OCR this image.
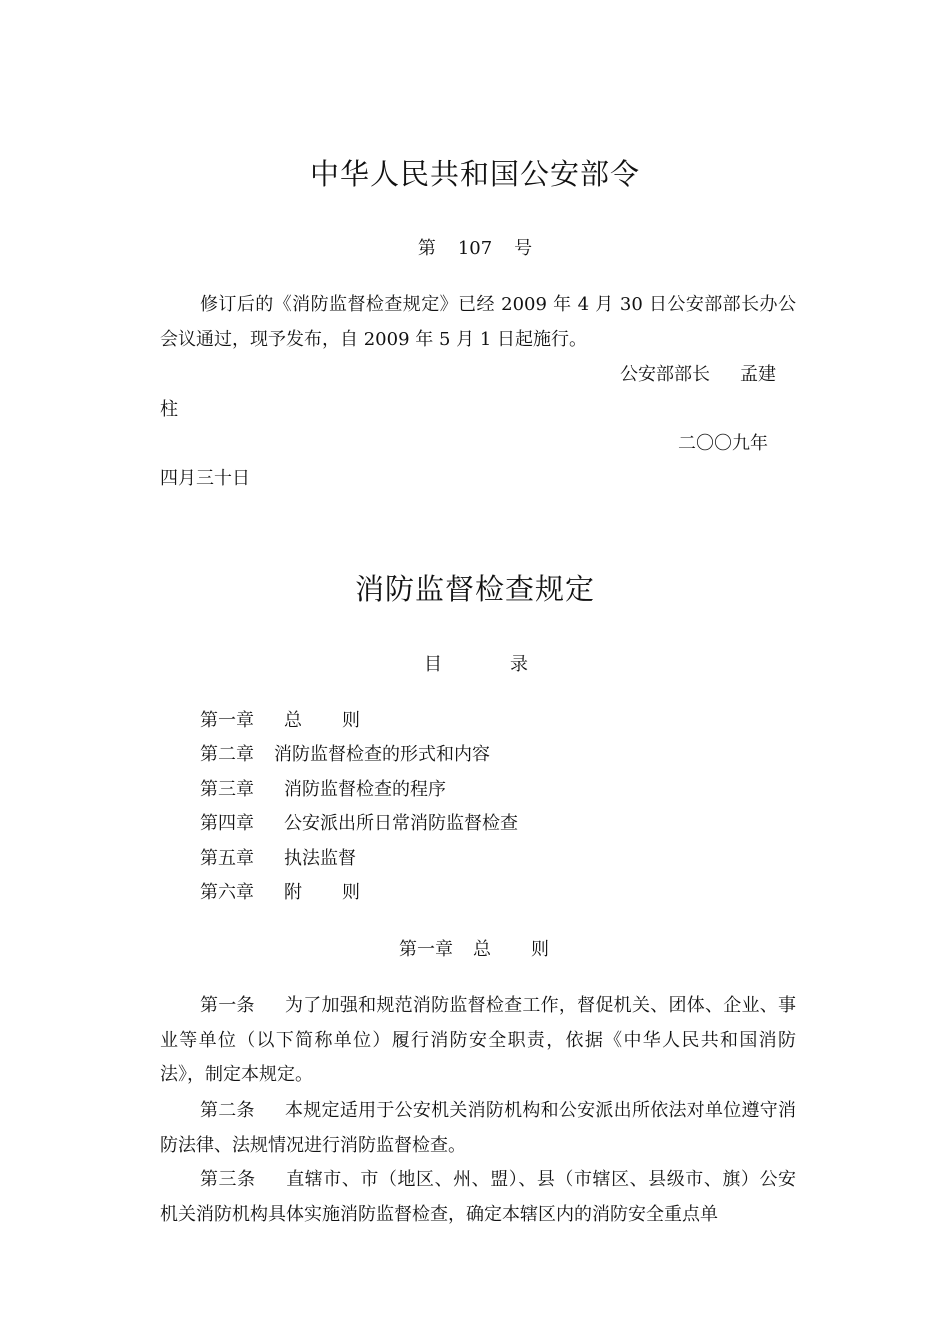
中华人民共和国公安部令
第 107 号
修订后的《消防监督检查规定》已经 2009 年 4 月 30 日公安部部长办公会议通过，现予发布，自 2009 年 5 月 1 日起施行。
公安部部长 孟建
柱
二〇〇九年
四月三十日
消防监督检查规定
目	录
第一章 总 则
第二章 消防监督检查的形式和内容
第三章 消防监督检查的程序
第四章 公安派出所日常消防监督检查
第五章 执法监督
第六章 附 则
第一章 总 则
第一条 为了加强和规范消防监督检查工作，督促机关、团体、企业、事业等单位（以下简称单位）履行消防安全职责，依据《中华人民共和国消防法》，制定本规定。
第二条 本规定适用于公安机关消防机构和公安派出所依法对单位遵守消防法律、法规情况进行消防监督检查。
第三条 直辖市、市（地区、州、盟）、县（市辖区、县级市、旗）公安机关消防机构具体实施消防监督检查，确定本辖区内的消防安全重点单
